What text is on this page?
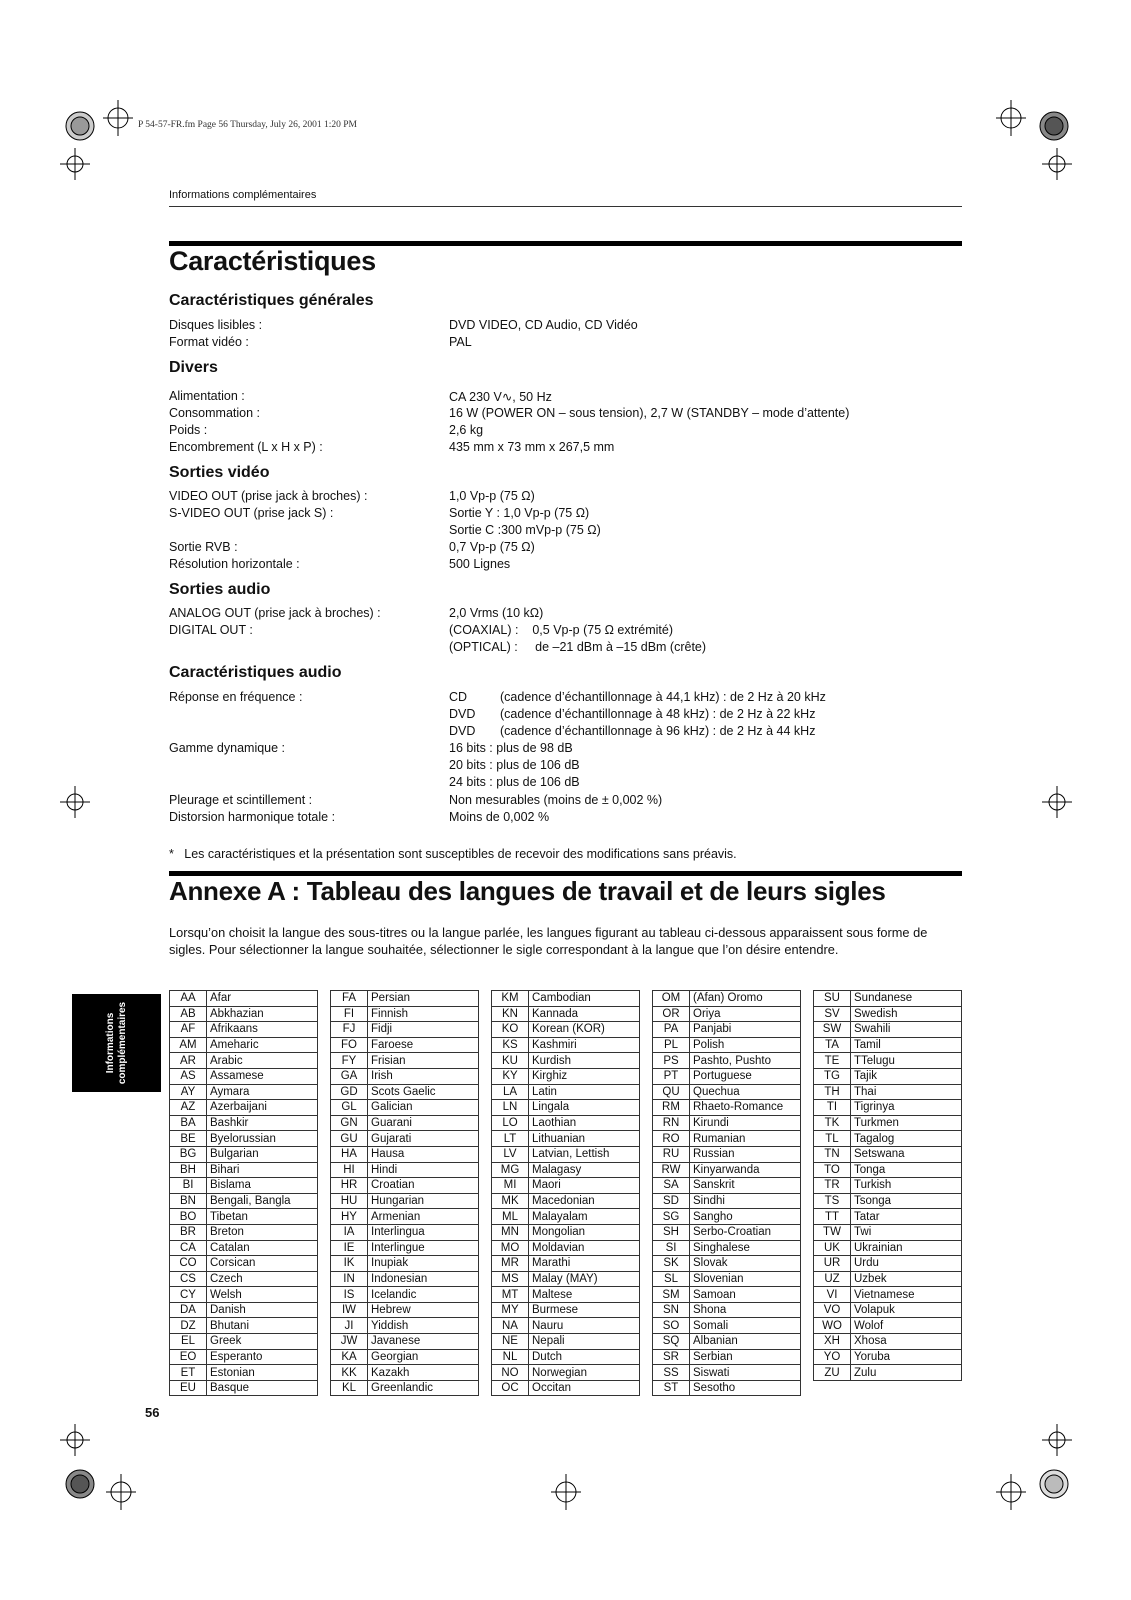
P 54-57-FR.fm Page 56 Thursday, July 26, 2001 1:20 PM
Informations complémentaires
Caractéristiques
Caractéristiques générales
Disques lisibles :	DVD VIDEO, CD Audio, CD Vidéo
Format vidéo :	PAL
Divers
Alimentation :	CA 230 V∿, 50 Hz
Consommation :	16 W (POWER ON – sous tension), 2,7 W (STANDBY – mode d’attente)
Poids :	2,6 kg
Encombrement (L x H x P) :	435 mm x 73 mm x 267,5 mm
Sorties vidéo
VIDEO OUT (prise jack à broches) :	1,0 Vp-p (75 Ω)
S-VIDEO OUT (prise jack S) :	Sortie Y : 1,0 Vp-p (75 Ω)
Sortie C :300 mVp-p (75 Ω)
Sortie RVB :	0,7 Vp-p (75 Ω)
Résolution horizontale :	500 Lignes
Sorties audio
ANALOG OUT (prise jack à broches) :	2,0 Vrms (10 kΩ)
DIGITAL OUT :	(COAXIAL) :    0,5 Vp-p (75 Ω extrémité)
(OPTICAL) :     de –21 dBm à –15 dBm (crête)
Caractéristiques audio
Réponse en fréquence :	CD	(cadence d’échantillonnage à 44,1 kHz) : de 2 Hz à 20 kHz
DVD (cadence d’échantillonnage à 48 kHz) : de 2 Hz à 22 kHz
DVD (cadence d’échantillonnage à 96 kHz) : de 2 Hz à 44 kHz
Gamme dynamique :	16 bits : plus de 98 dB
20 bits : plus de 106 dB
24 bits : plus de 106 dB
Pleurage et scintillement :	Non mesurables (moins de ± 0,002 %)
Distorsion harmonique totale :	Moins de 0,002 %
*   Les caractéristiques et la présentation sont susceptibles de recevoir des modifications sans préavis.
Annexe A : Tableau des langues de travail et de leurs sigles
Lorsqu’on choisit la langue des sous-titres ou la langue parlée, les langues figurant au tableau ci-dessous apparaissent sous forme de sigles. Pour sélectionner la langue souhaitée, sélectionner le sigle correspondant à la langue que l’on désire entendre.
Informations complémentaires
AA	Afar
AB	Abkhazian
AF	Afrikaans
AM	Ameharic
AR	Arabic
AS	Assamese
AY	Aymara
AZ	Azerbaijani
BA	Bashkir
BE	Byelorussian
BG	Bulgarian
BH	Bihari
BI	Bislama
BN	Bengali, Bangla
BO	Tibetan
BR	Breton
CA	Catalan
CO	Corsican
CS	Czech
CY	Welsh
DA	Danish
DZ	Bhutani
EL	Greek
EO	Esperanto
ET	Estonian
EU	Basque
FA	Persian
FI	Finnish
FJ	Fidji
FO	Faroese
FY	Frisian
GA	Irish
GD	Scots Gaelic
GL	Galician
GN	Guarani
GU	Gujarati
HA	Hausa
HI	Hindi
HR	Croatian
HU	Hungarian
HY	Armenian
IA	Interlingua
IE	Interlingue
IK	Inupiak
IN	Indonesian
IS	Icelandic
IW	Hebrew
JI	Yiddish
JW	Javanese
KA	Georgian
KK	Kazakh
KL	Greenlandic
KM	Cambodian
KN	Kannada
KO	Korean (KOR)
KS	Kashmiri
KU	Kurdish
KY	Kirghiz
LA	Latin
LN	Lingala
LO	Laothian
LT	Lithuanian
LV	Latvian, Lettish
MG	Malagasy
MI	Maori
MK	Macedonian
ML	Malayalam
MN	Mongolian
MO	Moldavian
MR	Marathi
MS	Malay (MAY)
MT	Maltese
MY	Burmese
NA	Nauru
NE	Nepali
NL	Dutch
NO	Norwegian
OC	Occitan
OM	(Afan) Oromo
OR	Oriya
PA	Panjabi
PL	Polish
PS	Pashto, Pushto
PT	Portuguese
QU	Quechua
RM	Rhaeto-Romance
RN	Kirundi
RO	Rumanian
RU	Russian
RW	Kinyarwanda
SA	Sanskrit
SD	Sindhi
SG	Sangho
SH	Serbo-Croatian
SI	Singhalese
SK	Slovak
SL	Slovenian
SM	Samoan
SN	Shona
SO	Somali
SQ	Albanian
SR	Serbian
SS	Siswati
ST	Sesotho
SU	Sundanese
SV	Swedish
SW	Swahili
TA	Tamil
TE	TTelugu
TG	Tajik
TH	Thai
TI	Tigrinya
TK	Turkmen
TL	Tagalog
TN	Setswana
TO	Tonga
TR	Turkish
TS	Tsonga
TT	Tatar
TW	Twi
UK	Ukrainian
UR	Urdu
UZ	Uzbek
VI	Vietnamese
VO	Volapuk
WO	Wolof
XH	Xhosa
YO	Yoruba
ZU	Zulu
56
